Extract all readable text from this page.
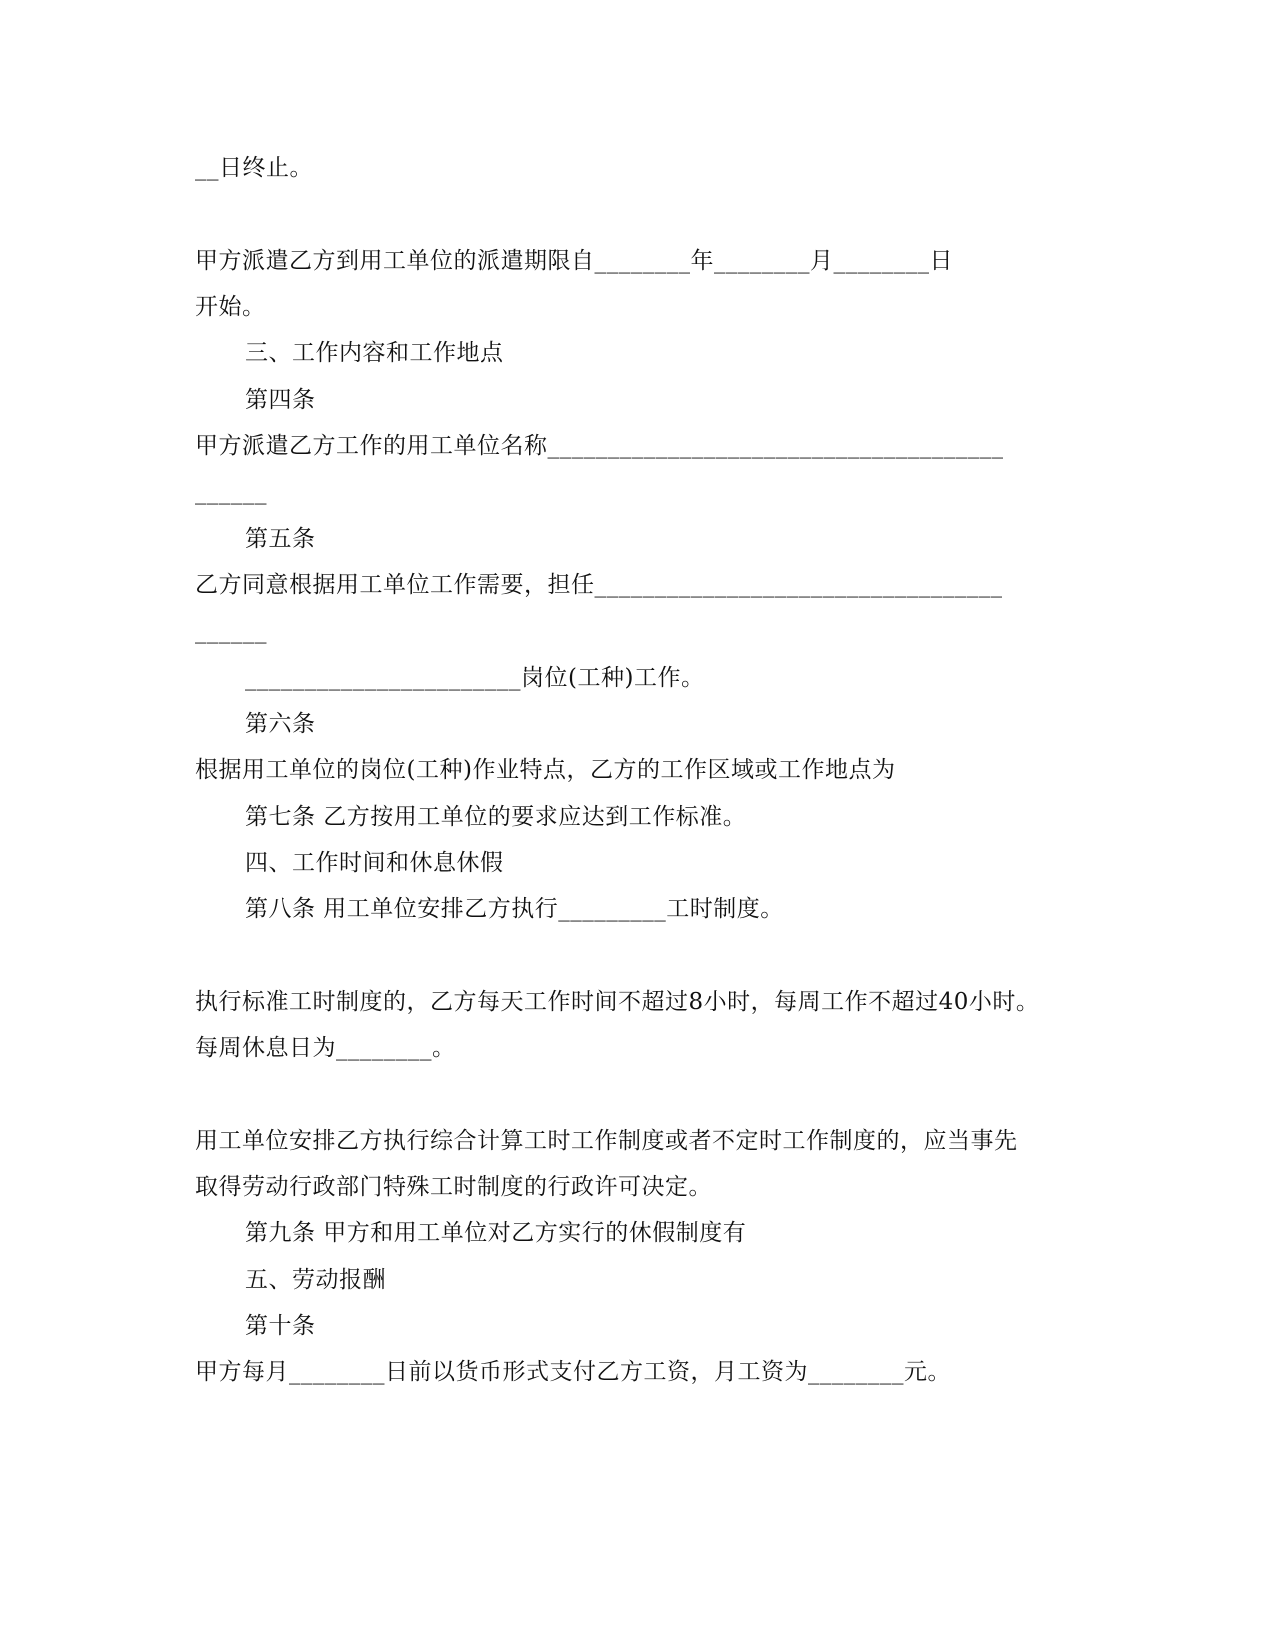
__日终止。

甲方派遣乙方到用工单位的派遣期限自________年________月________日

开始。

三、工作内容和工作地点

第四条

甲方派遣乙方工作的用工单位名称______________________________________

______

第五条

乙方同意根据用工单位工作需要，担任__________________________________

______

_______________________岗位(工种)工作。

第六条

根据用工单位的岗位(工种)作业特点，乙方的工作区域或工作地点为

第七条 乙方按用工单位的要求应达到工作标准。

四、工作时间和休息休假

第八条 用工单位安排乙方执行_________工时制度。

执行标准工时制度的，乙方每天工作时间不超过8小时，每周工作不超过40小时。

每周休息日为________。

用工单位安排乙方执行综合计算工时工作制度或者不定时工作制度的，应当事先

取得劳动行政部门特殊工时制度的行政许可决定。

第九条 甲方和用工单位对乙方实行的休假制度有

五、劳动报酬

第十条

甲方每月________日前以货币形式支付乙方工资，月工资为________元。
